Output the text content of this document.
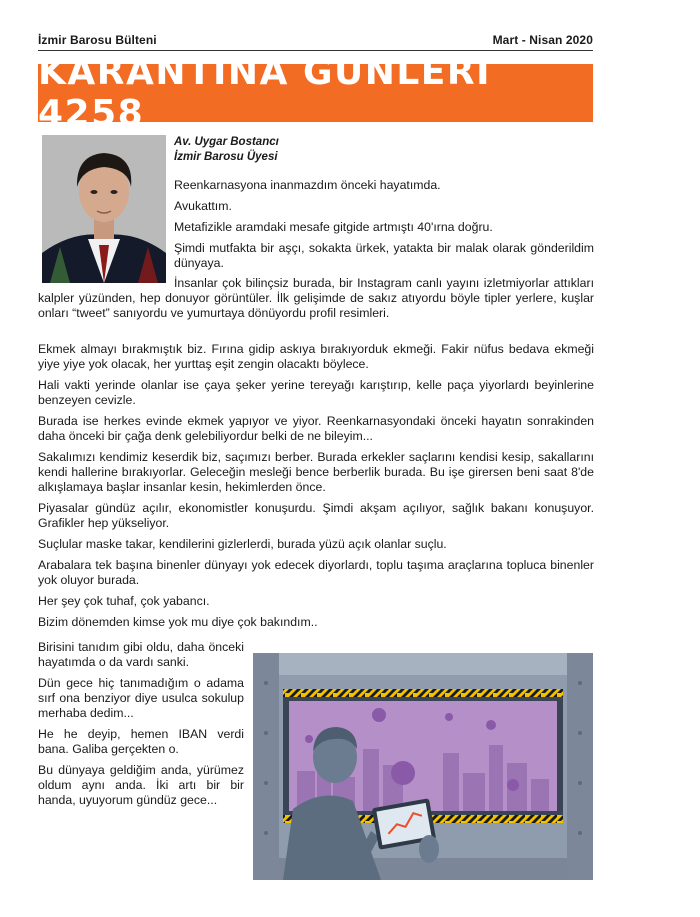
İzmir Barosu Bülteni	Mart - Nisan 2020
KARANTİNA GÜNLERİ 4258
Av. Uygar Bostancı
İzmir Barosu Üyesi

Reenkarnasyona inanmazdım önceki hayatımda.

Avukattım.

Metafizikle aramdaki mesafe gitgide artmıştı 40'ırna doğru.

Şimdi mutfakta bir aşçı, sokakta ürkek, yatakta bir malak olarak gönderildim dünyaya.

İnsanlar çok bilinçsiz burada, bir Instagram canlı yayını izletmiyorlar attıkları kalpler yüzünden, hep donuyor görüntüler. İlk gelişimde de sakız atıyordu böyle tipler yerlere, kuşlar onları “tweet” sanıyordu ve yumurtaya dönüyordu profil resimleri.

Ekmek almayı bırakmıştık biz. Fırına gidip askıya bırakıyorduk ekmeği. Fakir nüfus bedava ekmeği yiye yiye yok olacak, her yurttaş eşit zengin olacaktı böylece.

Hali vakti yerinde olanlar ise çaya şeker yerine tereyağı karıştırıp, kelle paça yiyorlardı beyinlerine benzeyen cevizle.

Burada ise herkes evinde ekmek yapıyor ve yiyor. Reenkarnasyondaki önceki hayatın sonrakinden daha önceki bir çağa denk gelebiliyordur belki de ne bileyim...

Sakalımızı kendimiz keserdik biz, saçımızı berber. Burada erkekler saçlarını kendisi kesip, sakallarını kendi hallerine bırakıyorlar. Geleceğin mesleği bence berberlik burada. Bu işe girersen beni saat 8'de alkışlamaya başlar insanlar kesin, hekimlerden önce.

Piyasalar gündüz açılır, ekonomistler konuşurdu. Şimdi akşam açılıyor, sağlık bakanı konuşuyor. Grafikler hep yükseliyor.

Suçlular maske takar, kendilerini gizlerlerdi, burada yüzü açık olanlar suçlu.

Arabalara tek başına binenler dünyayı yok edecek diyorlardı, toplu taşıma araçlarına topluca binenler yok oluyor burada.

Her şey çok tuhaf, çok yabancı.

Bizim dönemden kimse yok mu diye çok bakındım..

Birisini tanıdım gibi oldu, daha önceki hayatımda o da vardı sanki.

Dün gece hiç tanımadığım o adama sırf ona benziyor diye usulca sokulup merhaba dedim...

He he deyip, hemen IBAN verdi bana. Galiba gerçekten o.

Bu dünyaya geldiğim anda, yürümez oldum aynı anda. İki artı bir bir handa, uyuyorum gündüz gece...
